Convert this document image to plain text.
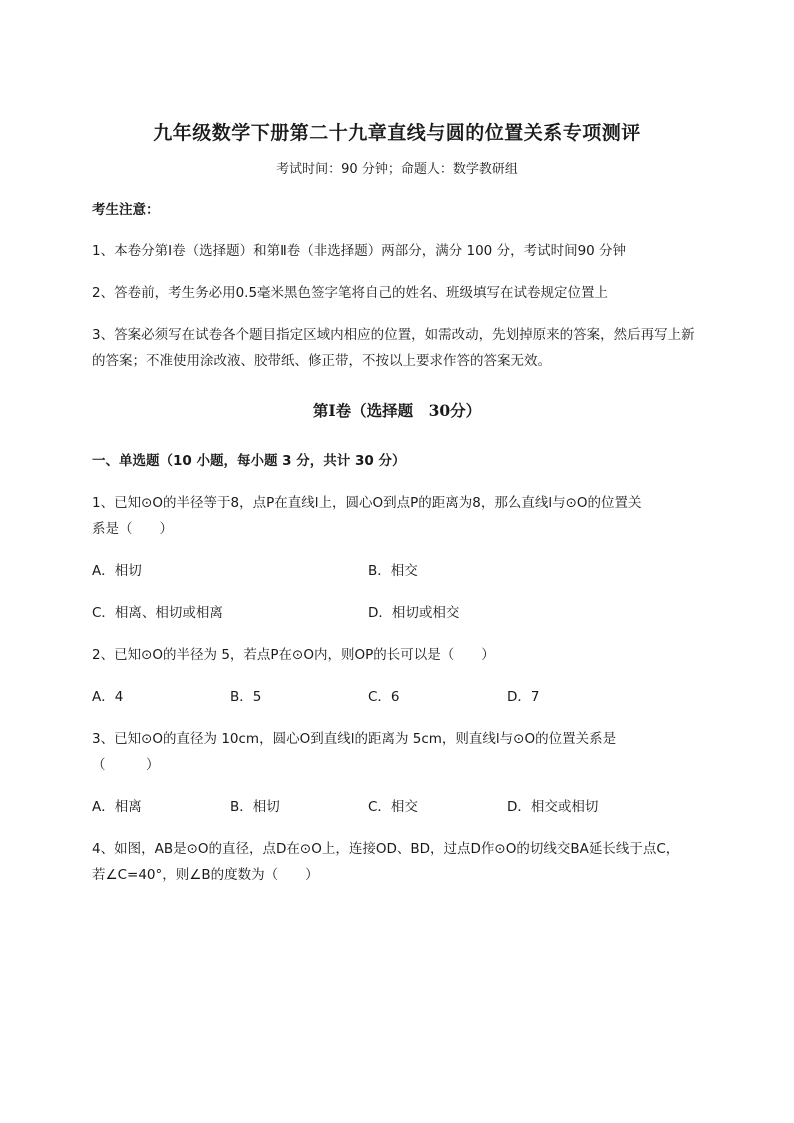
九年级数学下册第二十九章直线与圆的位置关系专项测评
考试时间：90 分钟；命题人：数学教研组
考生注意：
1、本卷分第Ⅰ卷（选择题）和第Ⅱ卷（非选择题）两部分，满分 100 分，考试时间90 分钟
2、答卷前，考生务必用0.5毫米黑色签字笔将自己的姓名、班级填写在试卷规定位置上
3、答案必须写在试卷各个题目指定区域内相应的位置，如需改动，先划掉原来的答案，然后再写上新
的答案；不准使用涂改液、胶带纸、修正带，不按以上要求作答的答案无效。
第Ⅰ卷（选择题　30分）
一、单选题（10 小题，每小题 3 分，共计 30 分）
1、已知⊙O的半径等于8，点P在直线l上，圆心O到点P的距离为8，那么直线l与⊙O的位置关
系是（　　）
A．相切	B．相交
C．相离、相切或相离	D．相切或相交
2、已知⊙O的半径为 5，若点P在⊙O内，则OP的长可以是（　　）
A．4	B．5	C．6	D．7
3、已知⊙O的直径为 10cm，圆心O到直线l的距离为 5cm，则直线l与⊙O的位置关系是
（　　　）
A．相离	B．相切	C．相交	D．相交或相切
4、如图，AB是⊙O的直径，点D在⊙O上，连接OD、BD，过点D作⊙O的切线交BA延长线于点C，
若∠C=40°，则∠B的度数为（　　）
